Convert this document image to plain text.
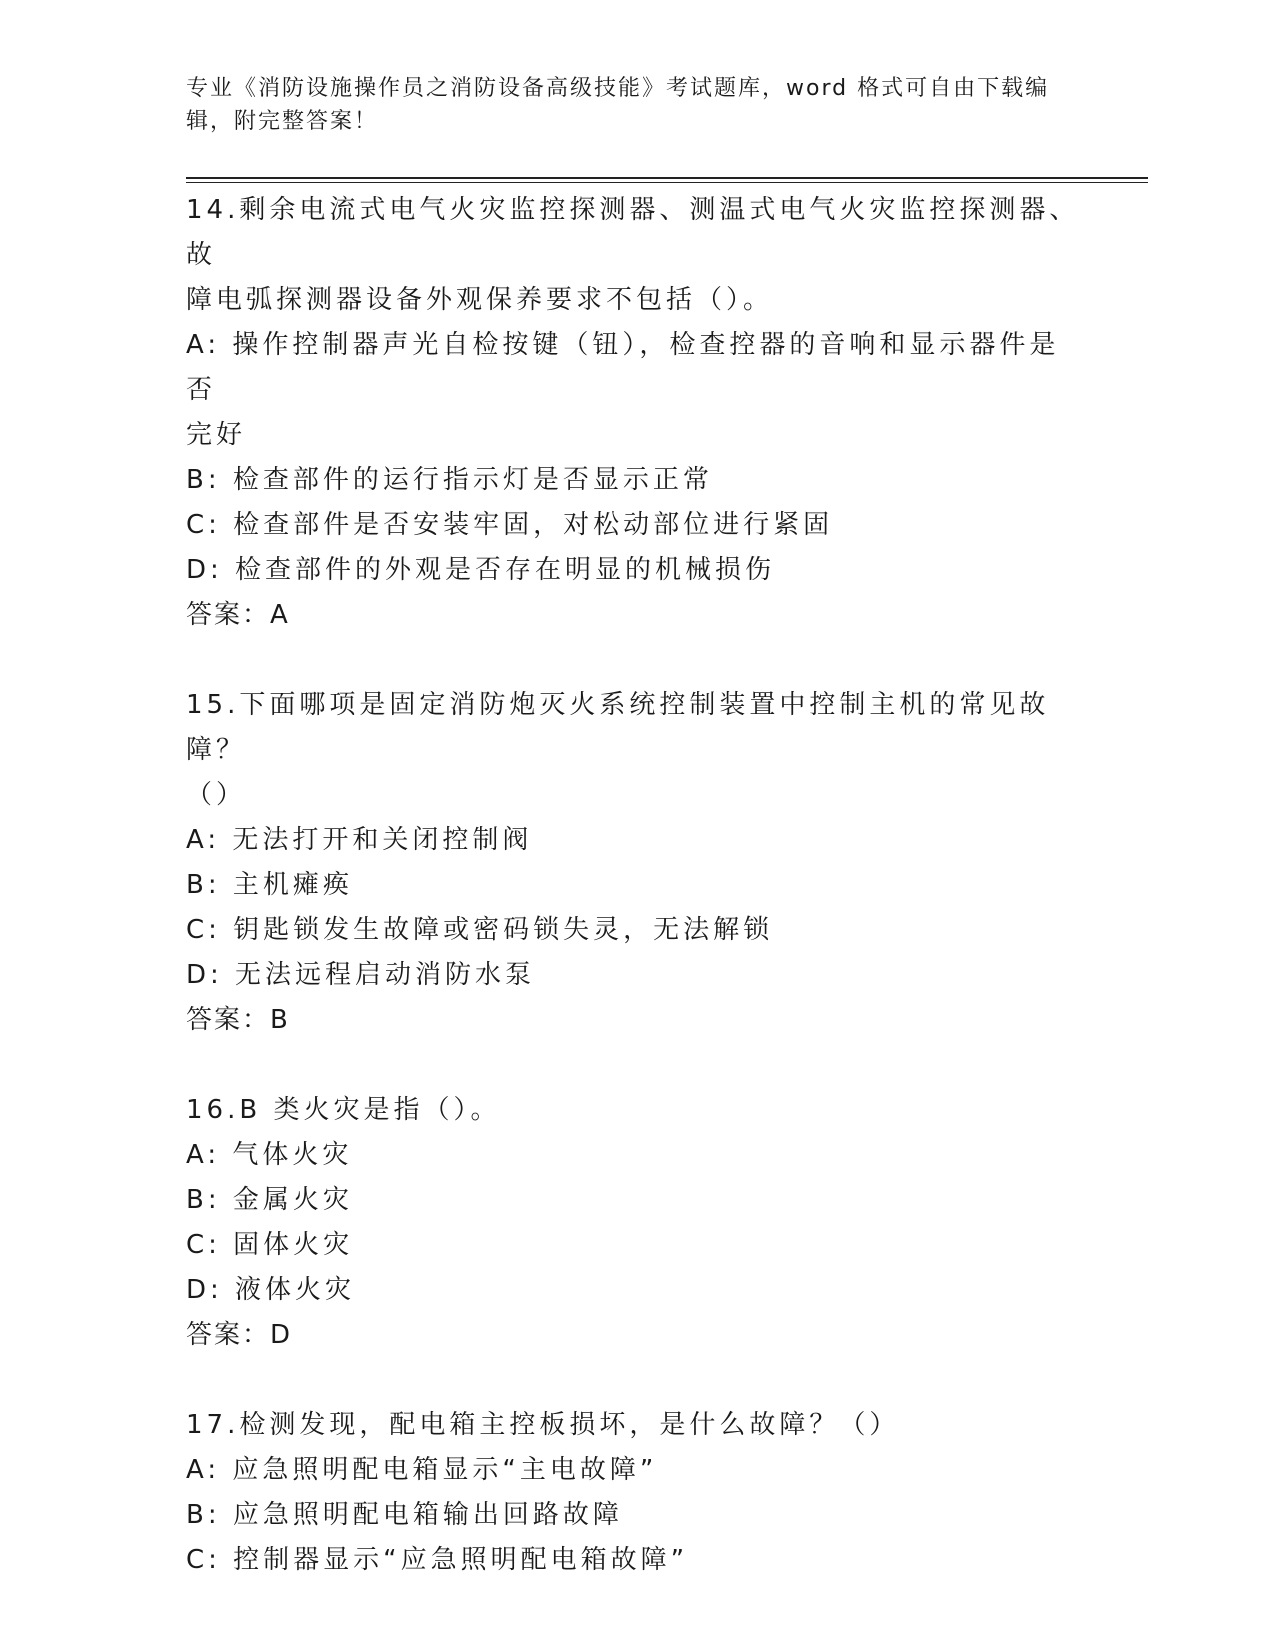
专业《消防设施操作员之消防设备高级技能》考试题库，word 格式可自由下载编
辑，附完整答案！

14.剩余电流式电气火灾监控探测器、测温式电气火灾监控探测器、故

障电弧探测器设备外观保养要求不包括（）。

A: 操作控制器声光自检按键（钮），检查控器的音响和显示器件是否

完好

B: 检查部件的运行指示灯是否显示正常

C: 检查部件是否安装牢固，对松动部位进行紧固

D: 检查部件的外观是否存在明显的机械损伤

答案：A

15.下面哪项是固定消防炮灭火系统控制装置中控制主机的常见故障？

（）

A: 无法打开和关闭控制阀

B: 主机瘫痪

C: 钥匙锁发生故障或密码锁失灵，无法解锁

D: 无法远程启动消防水泵

答案：B

16.B 类火灾是指（）。

A: 气体火灾

B: 金属火灾

C: 固体火灾

D: 液体火灾

答案：D

17.检测发现，配电箱主控板损坏，是什么故障？（）

A: 应急照明配电箱显示“主电故障”

B: 应急照明配电箱输出回路故障

C: 控制器显示“应急照明配电箱故障”
